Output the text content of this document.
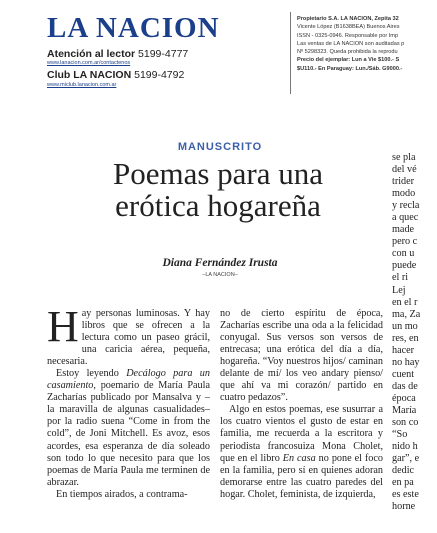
LA NACION
Atención al lector 5199-4777
www.lanacion.com.ar/contactenos
Club LA NACION 5199-4792
www.miclub.lanacion.com.ar
Propietario S.A. LA NACION, Zepita 32
Vicente López (B1638BEA) Buenos Aires
ISSN - 0325-0946. Responsable por Imp
Las ventas de LA NACION son auditadas p
Nº 5298323. Queda prohibida la reprodu
Precio del ejemplar: Lun a Vie $100.- S
$U110.- En Paraguay: Lun./Sáb. G9000.-
MANUSCRITO
Poemas para una
erótica hogareña
Diana Fernández Irusta
–LA NACION–

Hay personas luminosas. Y hay libros que se ofrecen a la lectura como un paseo grácil, una caricia aérea, pequeña, necesaria.

Estoy leyendo Decálogo para un casamiento, poemario de María Paula Zacharías publicado por Mansalva y –la maravilla de algunas casualidades– por la radio suena “Come in from the cold”, de Joni Mitchell. Es avoz, esos acordes, esa esperanza de día soleado son todo lo que necesito para que los poemas de María Paula me terminen de abrazar.

En tiempos airados, a contrama-

no de cierto espíritu de época, Zacharías escribe una oda a la felicidad conyugal. Sus versos son versos de entrecasa; una erótica del día a día, hogareña. “Voy nuestros hijos/ caminan delante de mí/ los veo andary pienso/ que ahí va mi corazón/ partido en cuatro pedazos”.

Algo en estos poemas, ese susurrar a los cuatro vientos el gusto de estar en familia, me recuerda a la escritora y periodista francosuiza Mona Cholet, que en el libro En casa no pone el foco en la familia, pero sí en quienes adoran demorarse entre las cuatro paredes del hogar. Cholet, feminista, de izquierda,

se pla
del vé
trider
modo
y recla
a quec
made
pero c
con u
puede
el ri
Lej
en el r
ma, Za
un mo
res, en
hacer
no hay
cuent
das de
época
María
son co
“So
nido h
gar”, e
dedic
en pa
es este
horne
